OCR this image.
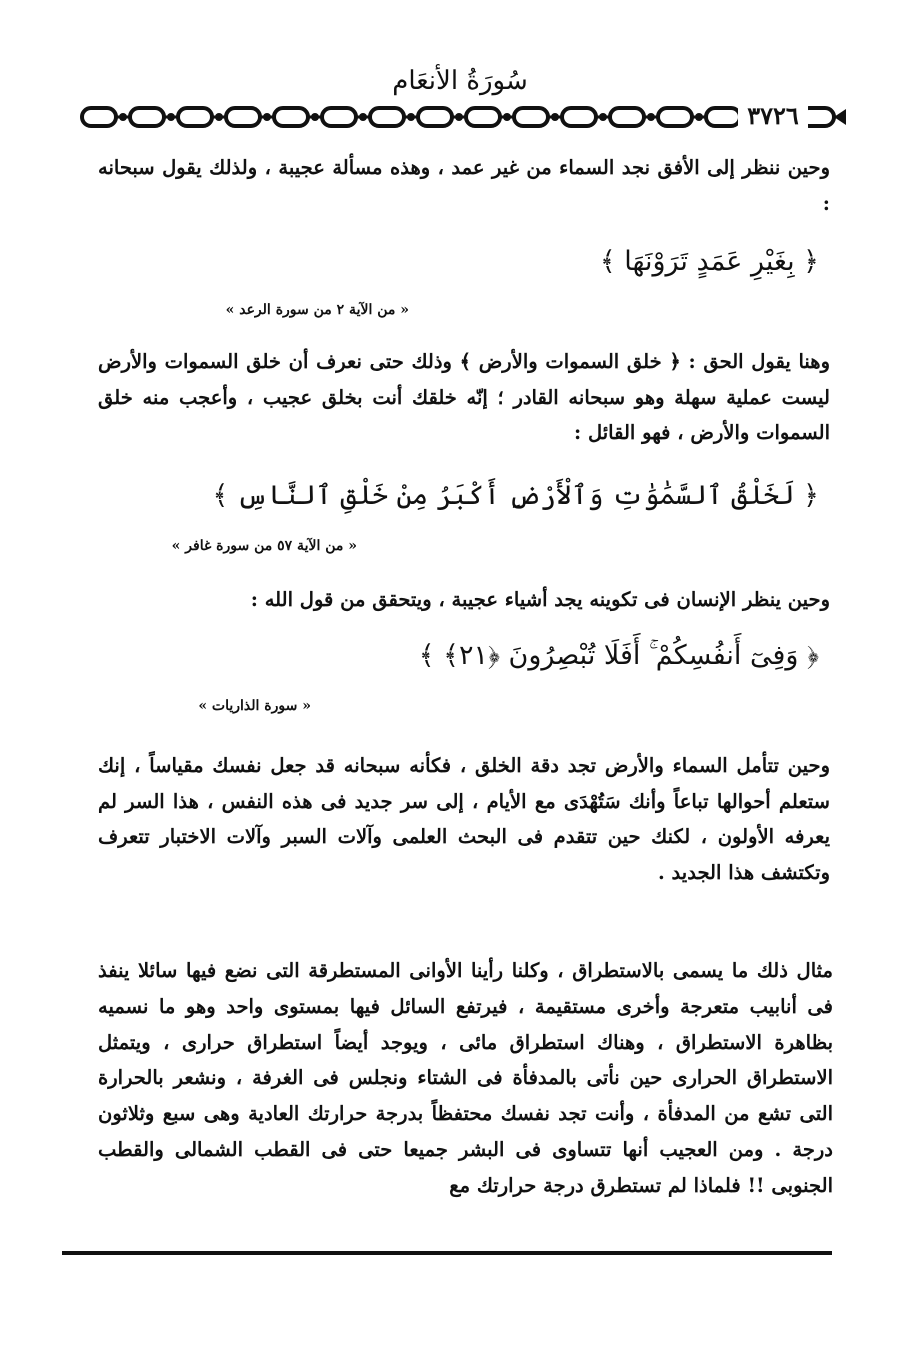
سُورَةُ الأنعَام
٣٧٢٦
وحين ننظر إلى الأفق نجد السماء من غير عمد ، وهذه مسألة عجيبة ، ولذلك يقول سبحانه :
﴿ بِغَيْرِ عَمَدٍ تَرَوْنَهَا ﴾
« من الآية ٢ من سورة الرعد »
وهنا يقول الحق : ﴿ خلق السموات والأرض ﴾ وذلك حتى نعرف أن خلق السموات والأرض ليست عملية سهلة وهو سبحانه القادر ؛ إنّه خلقك أنت بخلق عجيب ، وأعجب منه خلق السموات والأرض ، فهو القائل :
﴿ لَخَلْقُ ٱلسَّمَٰوَٰتِ وَٱلْأَرْضِ أَكْبَرُ مِنْ خَلْقِ ٱلنَّاسِ ﴾
« من الآية ٥٧ من سورة غافر »
وحين ينظر الإنسان فى تكوينه يجد أشياء عجيبة ، ويتحقق من قول الله :
﴿ وَفِىٓ أَنفُسِكُمْ ۚ أَفَلَا تُبْصِرُونَ ﴿٢١﴾ ﴾
« سورة الذاريات »
وحين تتأمل السماء والأرض تجد دقة الخلق ، فكأنه سبحانه قد جعل نفسك مقياساً ، إنك ستعلم أحوالها تباعاً وأنك سَتُهْدَى مع الأيام ، إلى سر جديد فى هذه النفس ، هذا السر لم يعرفه الأولون ، لكنك حين تتقدم فى البحث العلمى وآلات السبر وآلات الاختبار تتعرف وتكتشف هذا الجديد .
مثال ذلك ما يسمى بالاستطراق ، وكلنا رأينا الأوانى المستطرقة التى نضع فيها سائلا ينفذ فى أنابيب متعرجة وأخرى مستقيمة ، فيرتفع السائل فيها بمستوى واحد وهو ما نسميه بظاهرة الاستطراق ، وهناك استطراق مائى ، ويوجد أيضاً استطراق حرارى ، ويتمثل الاستطراق الحرارى حين نأتى بالمدفأة فى الشتاء ونجلس فى الغرفة ، ونشعر بالحرارة التى تشع من المدفأة ، وأنت تجد نفسك محتفظاً بدرجة حرارتك العادية وهى سبع وثلاثون درجة . ومن العجيب أنها تتساوى فى البشر جميعا حتى فى القطب الشمالى والقطب الجنوبى !! فلماذا لم تستطرق درجة حرارتك مع
